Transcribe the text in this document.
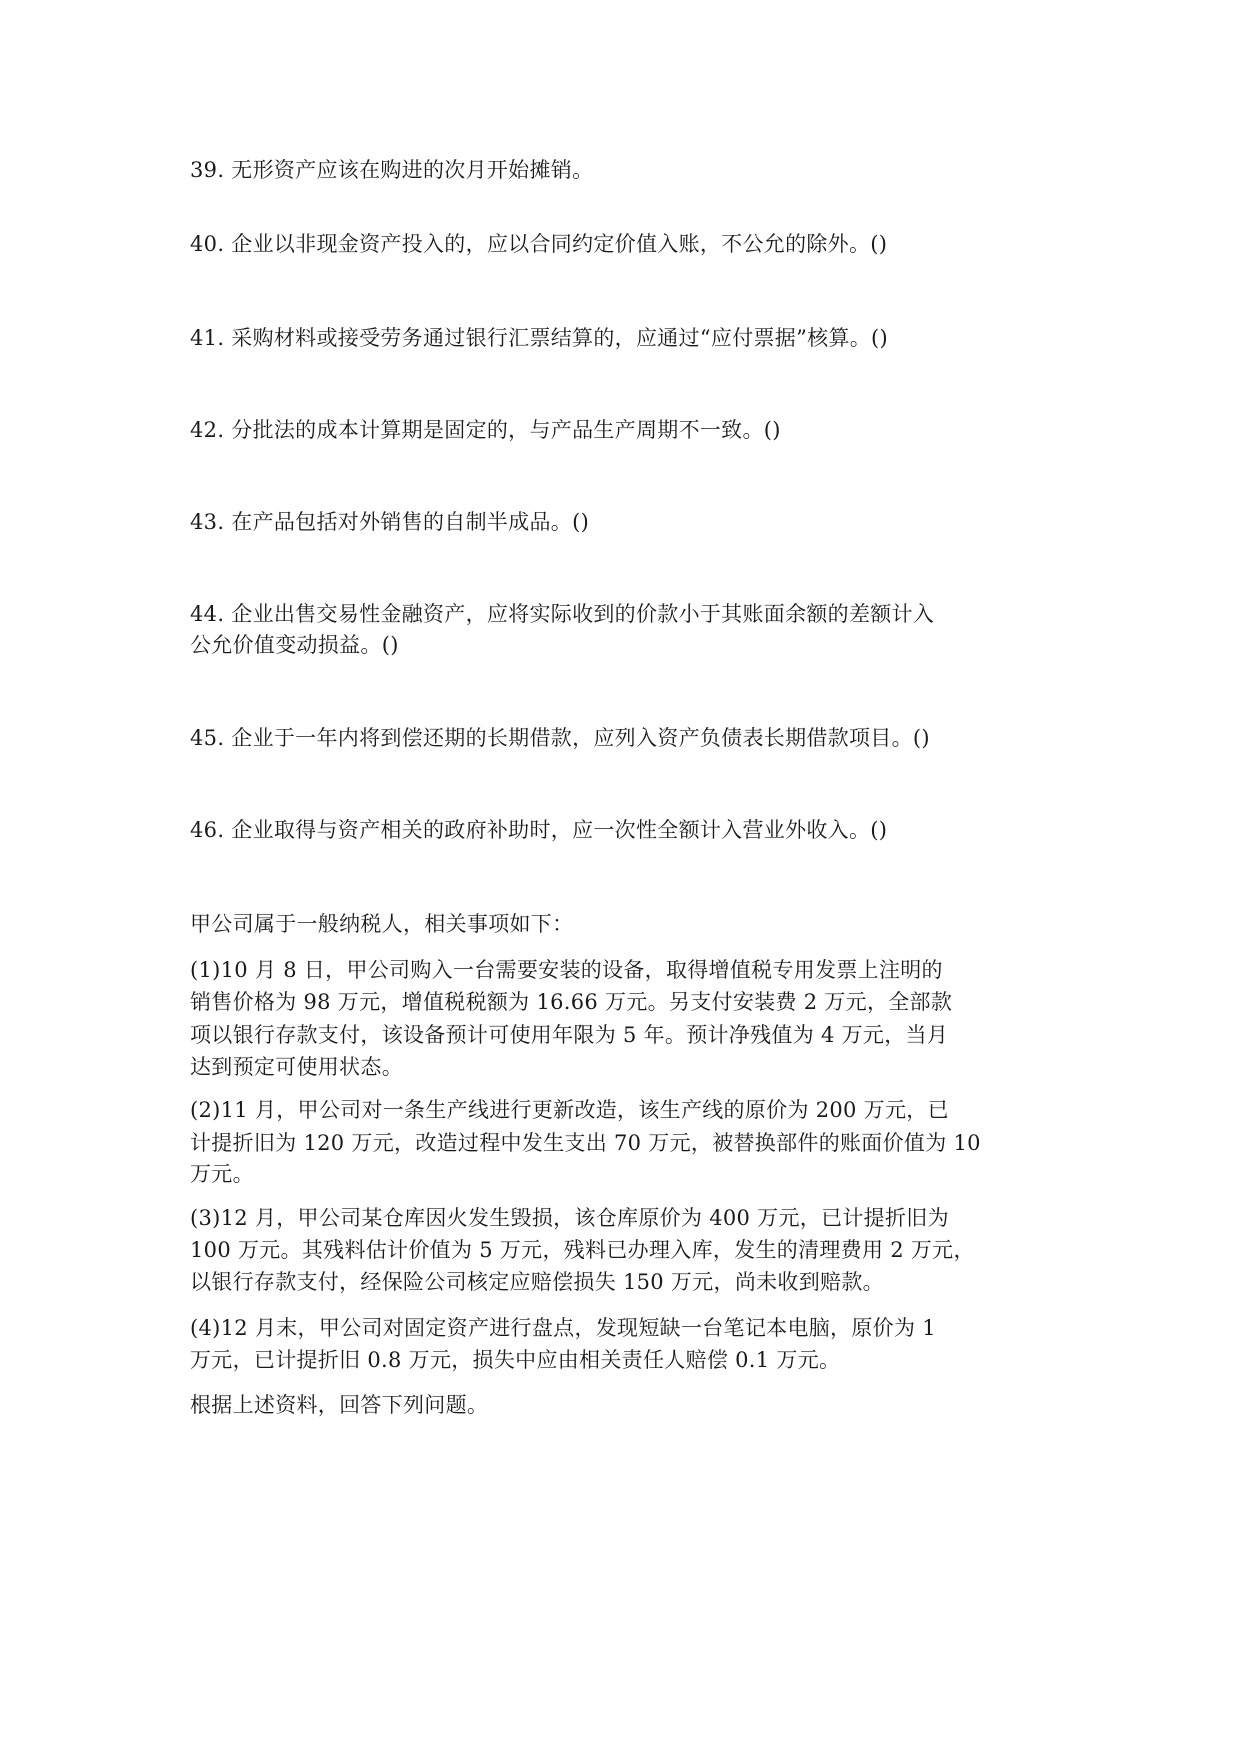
39. 无形资产应该在购进的次月开始摊销。
40. 企业以非现金资产投入的，应以合同约定价值入账，不公允的除外。()
41. 采购材料或接受劳务通过银行汇票结算的，应通过“应付票据”核算。()
42. 分批法的成本计算期是固定的，与产品生产周期不一致。()
43. 在产品包括对外销售的自制半成品。()
44. 企业出售交易性金融资产，应将实际收到的价款小于其账面余额的差额计入
公允价值变动损益。()
45. 企业于一年内将到偿还期的长期借款，应列入资产负债表长期借款项目。()
46. 企业取得与资产相关的政府补助时，应一次性全额计入营业外收入。()
甲公司属于一般纳税人，相关事项如下：
(1)10 月 8 日，甲公司购入一台需要安装的设备，取得增值税专用发票上注明的
销售价格为 98 万元，增值税税额为 16.66 万元。另支付安装费 2 万元，全部款
项以银行存款支付，该设备预计可使用年限为 5 年。预计净残值为 4 万元，当月
达到预定可使用状态。
(2)11 月，甲公司对一条生产线进行更新改造，该生产线的原价为 200 万元，已
计提折旧为 120 万元，改造过程中发生支出 70 万元，被替换部件的账面价值为 10
万元。
(3)12 月，甲公司某仓库因火发生毁损，该仓库原价为 400 万元，已计提折旧为
100 万元。其残料估计价值为 5 万元，残料已办理入库，发生的清理费用 2 万元，
以银行存款支付，经保险公司核定应赔偿损失 150 万元，尚未收到赔款。
(4)12 月末，甲公司对固定资产进行盘点，发现短缺一台笔记本电脑，原价为 1
万元，已计提折旧 0.8 万元，损失中应由相关责任人赔偿 0.1 万元。
根据上述资料，回答下列问题。
